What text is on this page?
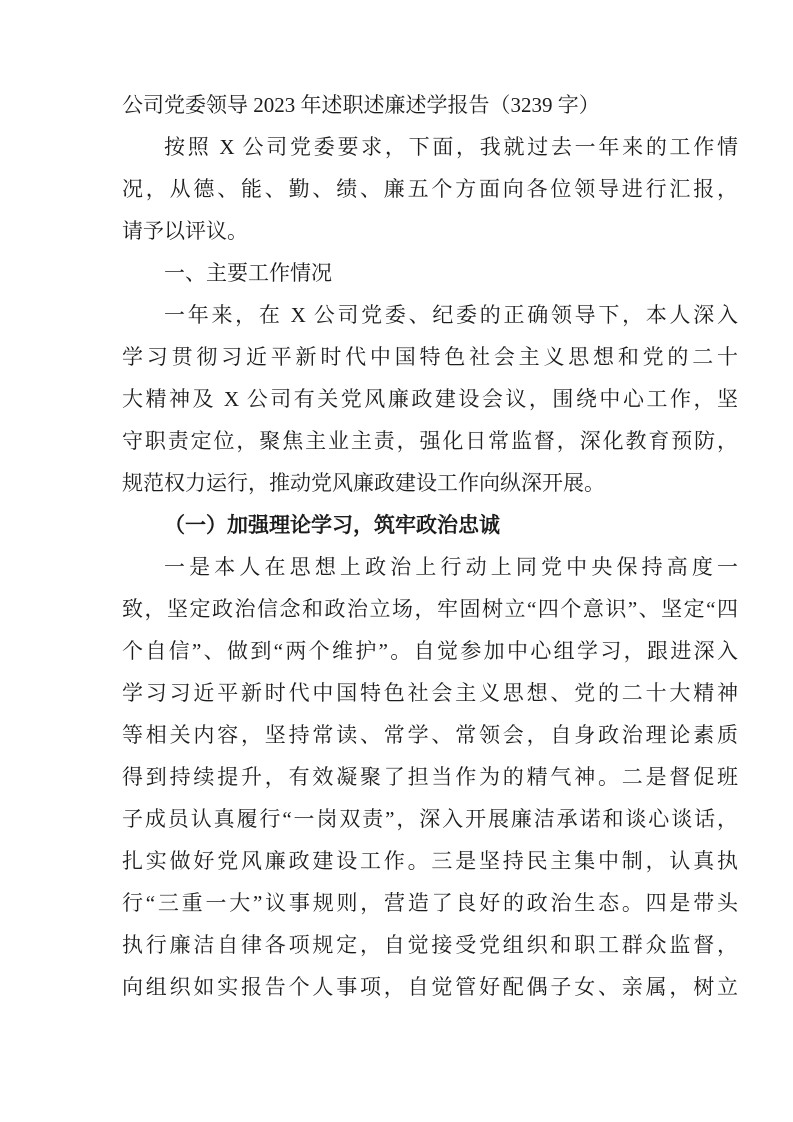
公司党委领导 2023 年述职述廉述学报告（3239 字）
按照 X 公司党委要求，下面，我就过去一年来的工作情
况，从德、能、勤、绩、廉五个方面向各位领导进行汇报，
请予以评议。
一、主要工作情况
一年来，在 X 公司党委、纪委的正确领导下，本人深入
学习贯彻习近平新时代中国特色社会主义思想和党的二十
大精神及 X 公司有关党风廉政建设会议，围绕中心工作，坚
守职责定位，聚焦主业主责，强化日常监督，深化教育预防，
规范权力运行，推动党风廉政建设工作向纵深开展。
（一）加强理论学习，筑牢政治忠诚
一是本人在思想上政治上行动上同党中央保持高度一
致，坚定政治信念和政治立场，牢固树立“四个意识”、坚定“四
个自信”、做到“两个维护”。自觉参加中心组学习，跟进深入
学习习近平新时代中国特色社会主义思想、党的二十大精神
等相关内容，坚持常读、常学、常领会，自身政治理论素质
得到持续提升，有效凝聚了担当作为的精气神。二是督促班
子成员认真履行“一岗双责”，深入开展廉洁承诺和谈心谈话，
扎实做好党风廉政建设工作。三是坚持民主集中制，认真执
行“三重一大”议事规则，营造了良好的政治生态。四是带头
执行廉洁自律各项规定，自觉接受党组织和职工群众监督，
向组织如实报告个人事项，自觉管好配偶子女、亲属，树立
